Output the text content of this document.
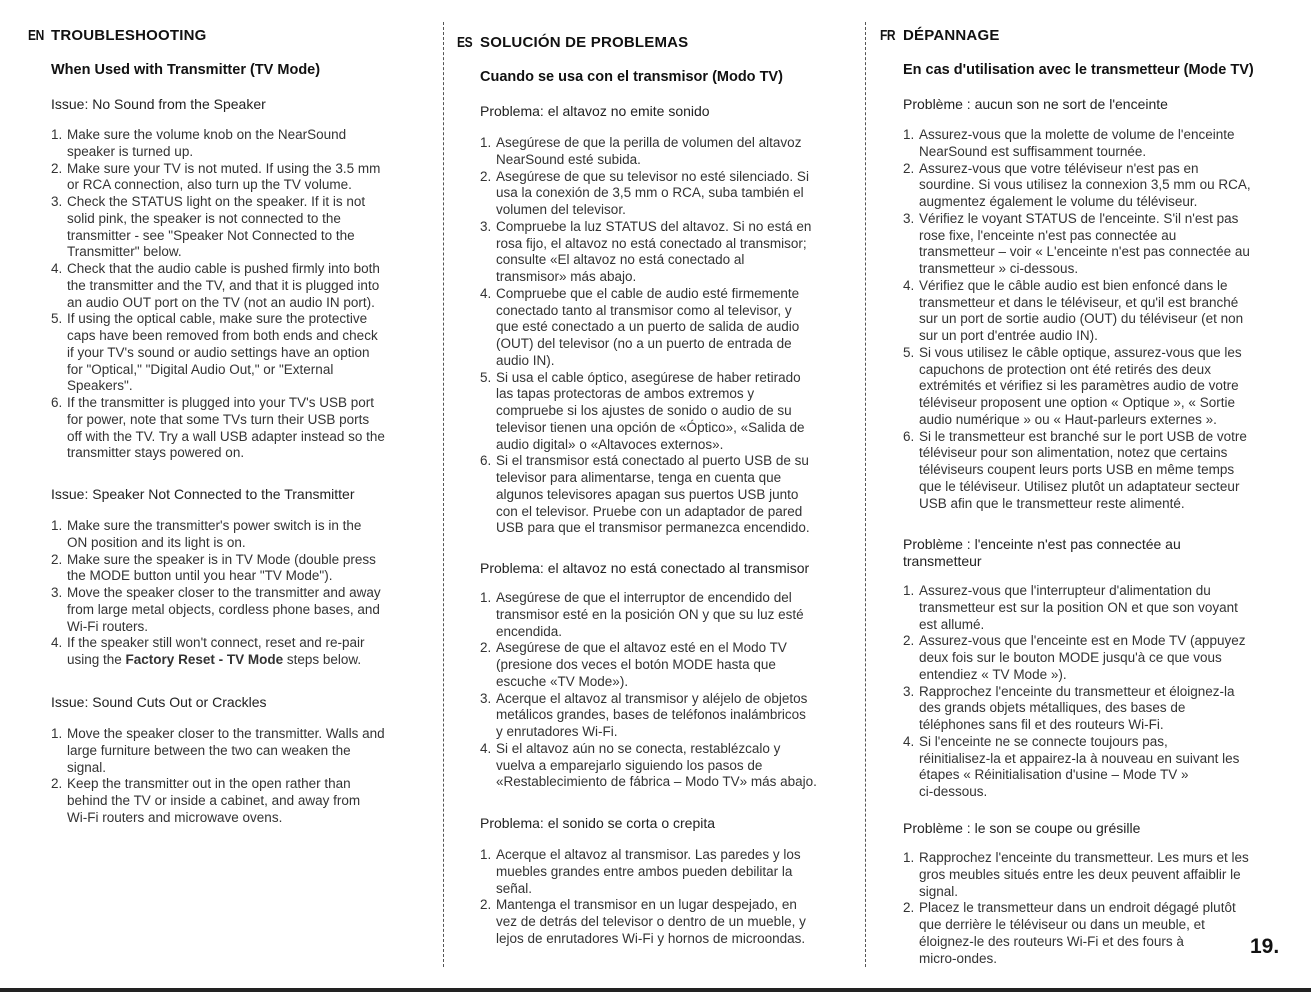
EN TROUBLESHOOTING
When Used with Transmitter (TV Mode)
Issue: No Sound from the Speaker
1. Make sure the volume knob on the NearSound
speaker is turned up.
2. Make sure your TV is not muted. If using the 3.5 mm
or RCA connection, also turn up the TV volume.
3. Check the STATUS light on the speaker. If it is not
solid pink, the speaker is not connected to the
transmitter - see "Speaker Not Connected to the
Transmitter" below.
4. Check that the audio cable is pushed firmly into both
the transmitter and the TV, and that it is plugged into
an audio OUT port on the TV (not an audio IN port).
5. If using the optical cable, make sure the protective
caps have been removed from both ends and check
if your TV's sound or audio settings have an option
for "Optical," "Digital Audio Out," or "External
Speakers".
6. If the transmitter is plugged into your TV's USB port
for power, note that some TVs turn their USB ports
off with the TV. Try a wall USB adapter instead so the
transmitter stays powered on.
Issue: Speaker Not Connected to the Transmitter
1. Make sure the transmitter's power switch is in the
ON position and its light is on.
2. Make sure the speaker is in TV Mode (double press
the MODE button until you hear "TV Mode").
3. Move the speaker closer to the transmitter and away
from large metal objects, cordless phone bases, and
Wi-Fi routers.
4. If the speaker still won't connect, reset and re-pair
using the Factory Reset - TV Mode steps below.
Issue: Sound Cuts Out or Crackles
1. Move the speaker closer to the transmitter. Walls and
large furniture between the two can weaken the
signal.
2. Keep the transmitter out in the open rather than
behind the TV or inside a cabinet, and away from
Wi-Fi routers and microwave ovens.
ES SOLUCIÓN DE PROBLEMAS
Cuando se usa con el transmisor (Modo TV)
Problema: el altavoz no emite sonido
1. Asegúrese de que la perilla de volumen del altavoz
NearSound esté subida.
2. Asegúrese de que su televisor no esté silenciado. Si
usa la conexión de 3,5 mm o RCA, suba también el
volumen del televisor.
3. Compruebe la luz STATUS del altavoz. Si no está en
rosa fijo, el altavoz no está conectado al transmisor;
consulte «El altavoz no está conectado al
transmisor» más abajo.
4. Compruebe que el cable de audio esté firmemente
conectado tanto al transmisor como al televisor, y
que esté conectado a un puerto de salida de audio
(OUT) del televisor (no a un puerto de entrada de
audio IN).
5. Si usa el cable óptico, asegúrese de haber retirado
las tapas protectoras de ambos extremos y
compruebe si los ajustes de sonido o audio de su
televisor tienen una opción de «Óptico», «Salida de
audio digital» o «Altavoces externos».
6. Si el transmisor está conectado al puerto USB de su
televisor para alimentarse, tenga en cuenta que
algunos televisores apagan sus puertos USB junto
con el televisor. Pruebe con un adaptador de pared
USB para que el transmisor permanezca encendido.
Problema: el altavoz no está conectado al transmisor
1. Asegúrese de que el interruptor de encendido del
transmisor esté en la posición ON y que su luz esté
encendida.
2. Asegúrese de que el altavoz esté en el Modo TV
(presione dos veces el botón MODE hasta que
escuche «TV Mode»).
3. Acerque el altavoz al transmisor y aléjelo de objetos
metálicos grandes, bases de teléfonos inalámbricos
y enrutadores Wi-Fi.
4. Si el altavoz aún no se conecta, restablézcalo y
vuelva a emparejarlo siguiendo los pasos de
«Restablecimiento de fábrica – Modo TV» más abajo.
Problema: el sonido se corta o crepita
1. Acerque el altavoz al transmisor. Las paredes y los
muebles grandes entre ambos pueden debilitar la
señal.
2. Mantenga el transmisor en un lugar despejado, en
vez de detrás del televisor o dentro de un mueble, y
lejos de enrutadores Wi-Fi y hornos de microondas.
FR DÉPANNAGE
En cas d'utilisation avec le transmetteur (Mode TV)
Problème : aucun son ne sort de l'enceinte
1. Assurez-vous que la molette de volume de l'enceinte
NearSound est suffisamment tournée.
2. Assurez-vous que votre téléviseur n'est pas en
sourdine. Si vous utilisez la connexion 3,5 mm ou RCA,
augmentez également le volume du téléviseur.
3. Vérifiez le voyant STATUS de l'enceinte. S'il n'est pas
rose fixe, l'enceinte n'est pas connectée au
transmetteur – voir « L'enceinte n'est pas connectée au
transmetteur » ci-dessous.
4. Vérifiez que le câble audio est bien enfoncé dans le
transmetteur et dans le téléviseur, et qu'il est branché
sur un port de sortie audio (OUT) du téléviseur (et non
sur un port d'entrée audio IN).
5. Si vous utilisez le câble optique, assurez-vous que les
capuchons de protection ont été retirés des deux
extrémités et vérifiez si les paramètres audio de votre
téléviseur proposent une option « Optique », « Sortie
audio numérique » ou « Haut-parleurs externes ».
6. Si le transmetteur est branché sur le port USB de votre
téléviseur pour son alimentation, notez que certains
téléviseurs coupent leurs ports USB en même temps
que le téléviseur. Utilisez plutôt un adaptateur secteur
USB afin que le transmetteur reste alimenté.
Problème : l'enceinte n'est pas connectée au
transmetteur
1. Assurez-vous que l'interrupteur d'alimentation du
transmetteur est sur la position ON et que son voyant
est allumé.
2. Assurez-vous que l'enceinte est en Mode TV (appuyez
deux fois sur le bouton MODE jusqu'à ce que vous
entendiez « TV Mode »).
3. Rapprochez l'enceinte du transmetteur et éloignez-la
des grands objets métalliques, des bases de
téléphones sans fil et des routeurs Wi-Fi.
4. Si l'enceinte ne se connecte toujours pas,
réinitialisez-la et appairez-la à nouveau en suivant les
étapes « Réinitialisation d'usine – Mode TV »
ci-dessous.
Problème : le son se coupe ou grésille
1. Rapprochez l'enceinte du transmetteur. Les murs et les
gros meubles situés entre les deux peuvent affaiblir le
signal.
2. Placez le transmetteur dans un endroit dégagé plutôt
que derrière le téléviseur ou dans un meuble, et
éloignez-le des routeurs Wi-Fi et des fours à
micro-ondes.	19.
